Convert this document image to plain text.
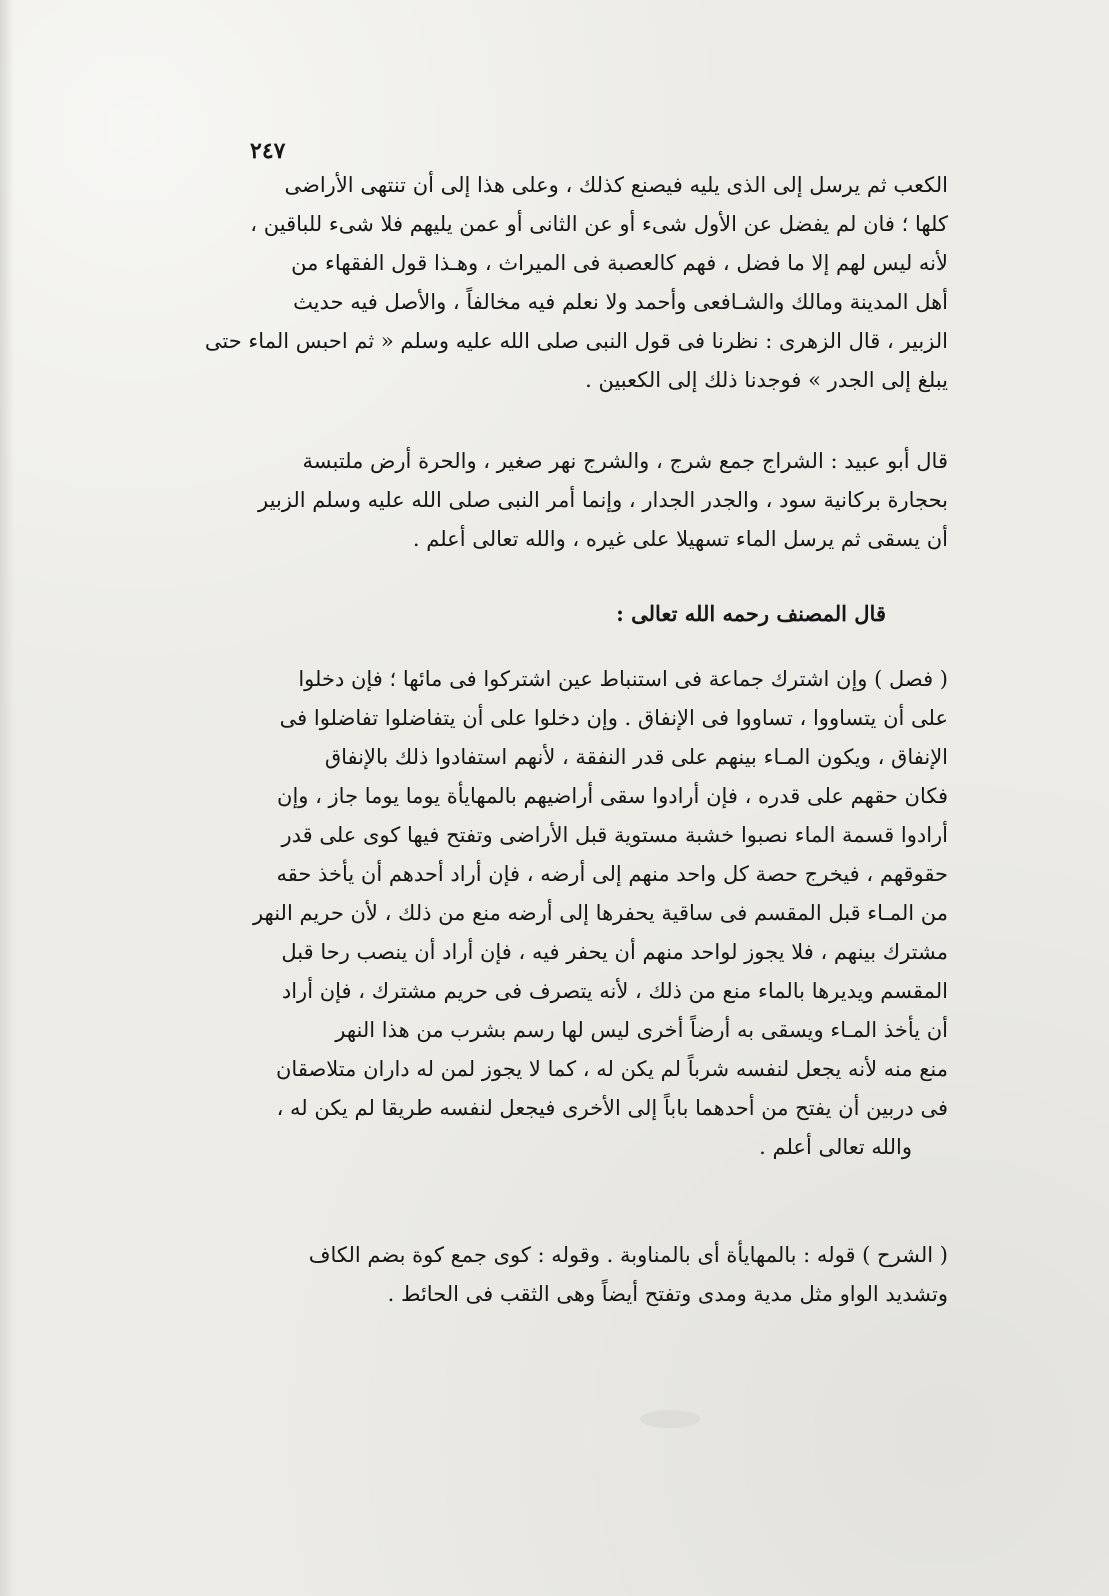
٢٤٧
الكعب ثم يرسل إلى الذى يليه فيصنع كذلك ، وعلى هذا إلى أن تنتهى الأراضى
كلها ؛ فان لم يفضل عن الأول شىء أو عن الثانى أو عمن يليهم فلا شىء للباقين ،
لأنه ليس لهم إلا ما فضل ، فهم كالعصبة فى الميراث ، وهـذا قول الفقهاء من
أهل المدينة ومالك والشـافعى وأحمد ولا نعلم فيه مخالفاً ، والأصل فيه حديث
الزبير ، قال الزهرى : نظرنا فى قول النبى صلى الله عليه وسلم « ثم احبس الماء حتى
يبلغ إلى الجدر » فوجدنا ذلك إلى الكعبين .
قال أبو عبيد : الشراج جمع شرج ، والشرج نهر صغير ، والحرة أرض ملتبسة
بحجارة بركانية سود ، والجدر الجدار ، وإنما أمر النبى صلى الله عليه وسلم الزبير
أن يسقى ثم يرسل الماء تسهيلا على غيره ، والله تعالى أعلم .
قال المصنف رحمه الله تعالى :
( فصل ) وإن اشترك جماعة فى استنباط عين اشتركوا فى مائها ؛ فإن دخلوا
على أن يتساووا ، تساووا فى الإنفاق . وإن دخلوا على أن يتفاضلوا تفاضلوا فى
الإنفاق ، ويكون المـاء بينهم على قدر النفقة ، لأنهم استفادوا ذلك بالإنفاق
فكان حقهم على قدره ، فإن أرادوا سقى أراضيهم بالمهايأة يوما يوما جاز ، وإن
أرادوا قسمة الماء نصبوا خشبة مستوية قبل الأراضى وتفتح فيها كوى على قدر
حقوقهم ، فيخرج حصة كل واحد منهم إلى أرضه ، فإن أراد أحدهم أن يأخذ حقه
من المـاء قبل المقسم فى ساقية يحفرها إلى أرضه منع من ذلك ، لأن حريم النهر
مشترك بينهم ، فلا يجوز لواحد منهم أن يحفر فيه ، فإن أراد أن ينصب رحا قبل
المقسم ويديرها بالماء منع من ذلك ، لأنه يتصرف فى حريم مشترك ، فإن أراد
أن يأخذ المـاء ويسقى به أرضاً أخرى ليس لها رسم بشرب من هذا النهر
منع منه لأنه يجعل لنفسه شرباً لم يكن له ، كما لا يجوز لمن له داران متلاصقان
فى دربين أن يفتح من أحدهما باباً إلى الأخرى فيجعل لنفسه طريقا لم يكن له ،
والله تعالى أعلم .
( الشرح ) قوله : بالمهايأة أى بالمناوبة . وقوله : كوى جمع كوة بضم الكاف
وتشديد الواو مثل مدية ومدى وتفتح أيضاً وهى الثقب فى الحائط .
